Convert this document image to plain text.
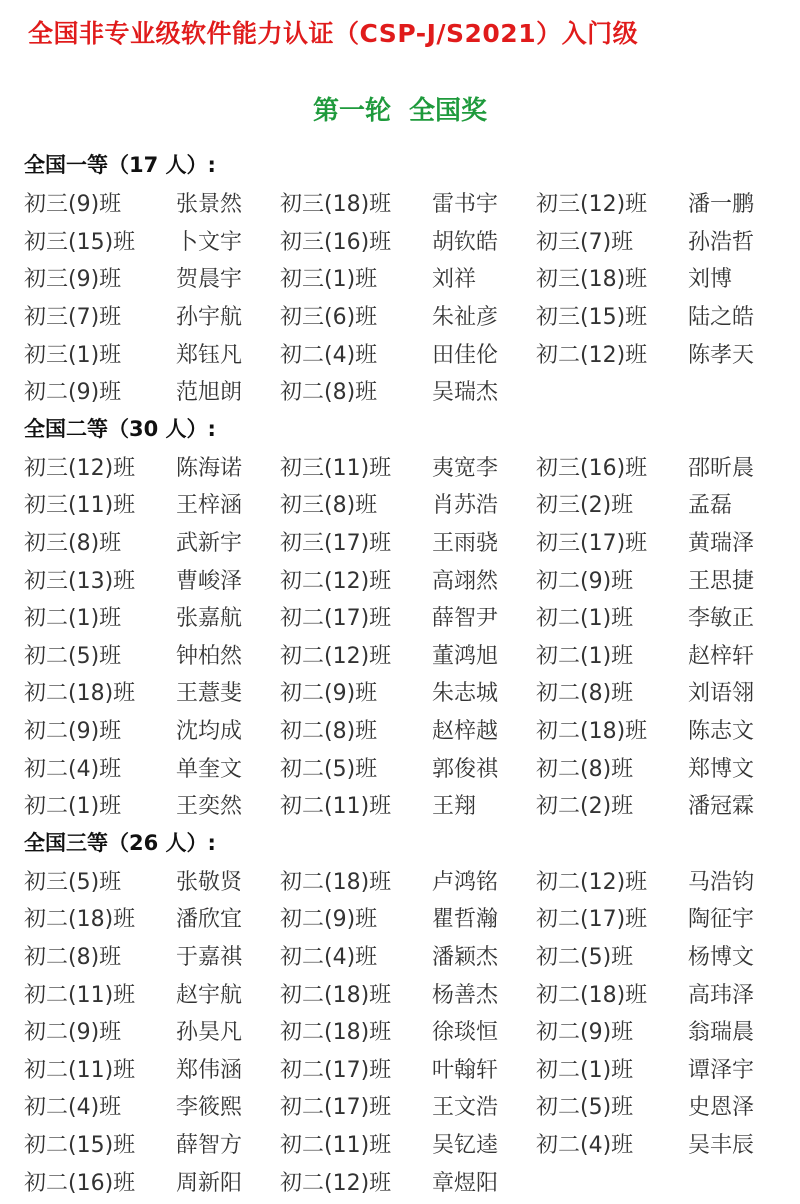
全国非专业级软件能力认证（CSP-J/S2021）入门级
第一轮  全国奖
全国一等（17 人）:
初三(9)班	张景然	初三(18)班	雷书宇	初三(12)班	潘一鹏
初三(15)班	卜文宇	初三(16)班	胡钦皓	初三(7)班	孙浩哲
初三(9)班	贺晨宇	初三(1)班	刘祥	初三(18)班	刘博
初三(7)班	孙宇航	初三(6)班	朱祉彦	初三(15)班	陆之皓
初三(1)班	郑钰凡	初二(4)班	田佳伦	初二(12)班	陈孝天
初二(9)班	范旭朗	初二(8)班	吴瑞杰
全国二等（30 人）:
初三(12)班	陈海诺	初三(11)班	夷宽李	初三(16)班	邵昕晨
初三(11)班	王梓涵	初三(8)班	肖苏浩	初三(2)班	孟磊
初三(8)班	武新宇	初三(17)班	王雨骁	初三(17)班	黄瑞泽
初三(13)班	曹峻泽	初二(12)班	高翊然	初二(9)班	王思捷
初二(1)班	张嘉航	初二(17)班	薛智尹	初二(1)班	李敏正
初二(5)班	钟柏然	初二(12)班	董鸿旭	初二(1)班	赵梓轩
初二(18)班	王薏斐	初二(9)班	朱志城	初二(8)班	刘语翎
初二(9)班	沈均成	初二(8)班	赵梓越	初二(18)班	陈志文
初二(4)班	单奎文	初二(5)班	郭俊祺	初二(8)班	郑博文
初二(1)班	王奕然	初二(11)班	王翔	初二(2)班	潘冠霖
全国三等（26 人）:
初三(5)班	张敬贤	初二(18)班	卢鸿铭	初二(12)班	马浩钧
初二(18)班	潘欣宜	初二(9)班	瞿哲瀚	初二(17)班	陶征宇
初二(8)班	于嘉祺	初二(4)班	潘颖杰	初二(5)班	杨博文
初二(11)班	赵宇航	初二(18)班	杨善杰	初二(18)班	高玮泽
初二(9)班	孙昊凡	初二(18)班	徐琰恒	初二(9)班	翁瑞晨
初二(11)班	郑伟涵	初二(17)班	叶翰轩	初二(1)班	谭泽宇
初二(4)班	李筱熙	初二(17)班	王文浩	初二(5)班	史恩泽
初二(15)班	薛智方	初二(11)班	吴钇逵	初二(4)班	吴丰辰
初二(16)班	周新阳	初二(12)班	章煜阳
